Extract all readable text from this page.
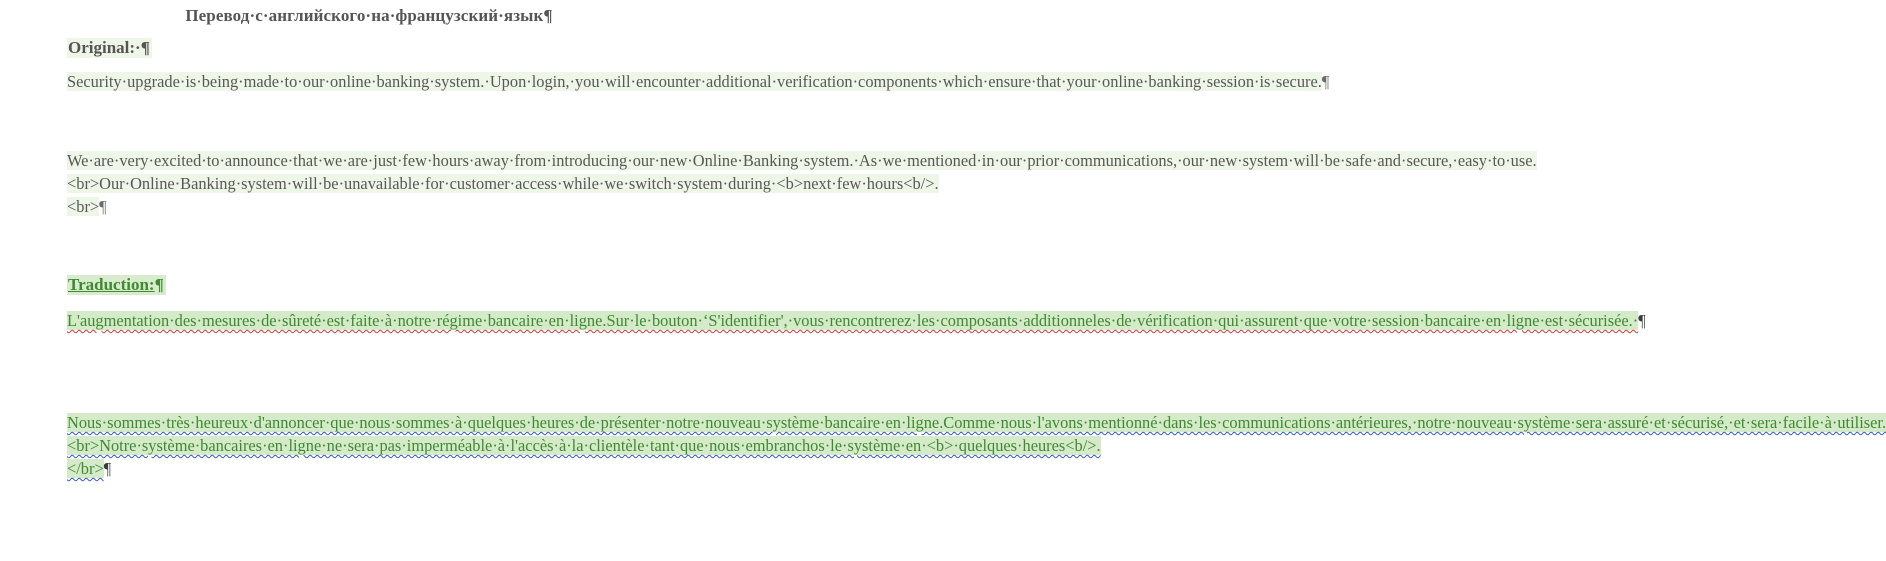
Перевод·с·английского·на·французский·язык¶
Original:·¶
Security·upgrade·is·being·made·to·our·online·banking·system.·Upon·login,·you·will·encounter·additional·verification·components·which·ensure·that·your·online·banking·session·is·secure.¶
We·are·very·excited·to·announce·that·we·are·just·few·hours·away·from·introducing·our·new·Online·Banking·system.·As·we·mentioned·in·our·prior·communications,·our·new·system·will·be·safe·and·secure,·easy·to·use.<br>Our·Online·Banking·system·will·be·unavailable·for·customer·access·while·we·switch·system·during·<b>next·few·hours<b/>.<br>¶
Traduction:¶
L'augmentation·des·mesures·de·sûreté·est·faite·à·notre·régime·bancaire·en·ligne.Sur·le·bouton·‘S'identifier',·vous·rencontrerez·les·composants·additionneles·de·vérification·qui·assurent·que·votre·session·bancaire·en·ligne·est·sécurisée.·¶
Nous·sommes·très·heureux·d'annoncer·que·nous·sommes·à·quelques·heures·de·présenter·notre·nouveau·système·bancaire·en·ligne.Comme·nous·l'avons·mentionné·dans·les·communications·antérieures,·notre·nouveau·système·sera·assuré·et·sécurisé,·et·sera·facile·à·utiliser.<br>Notre·système·bancaires·en·ligne·ne·sera·pas·imperméable·à·l'accès·à·la·clientèle·tant·que·nous·embranchos·le·système·en·<b>·quelques·heures<b/>.</br>¶
